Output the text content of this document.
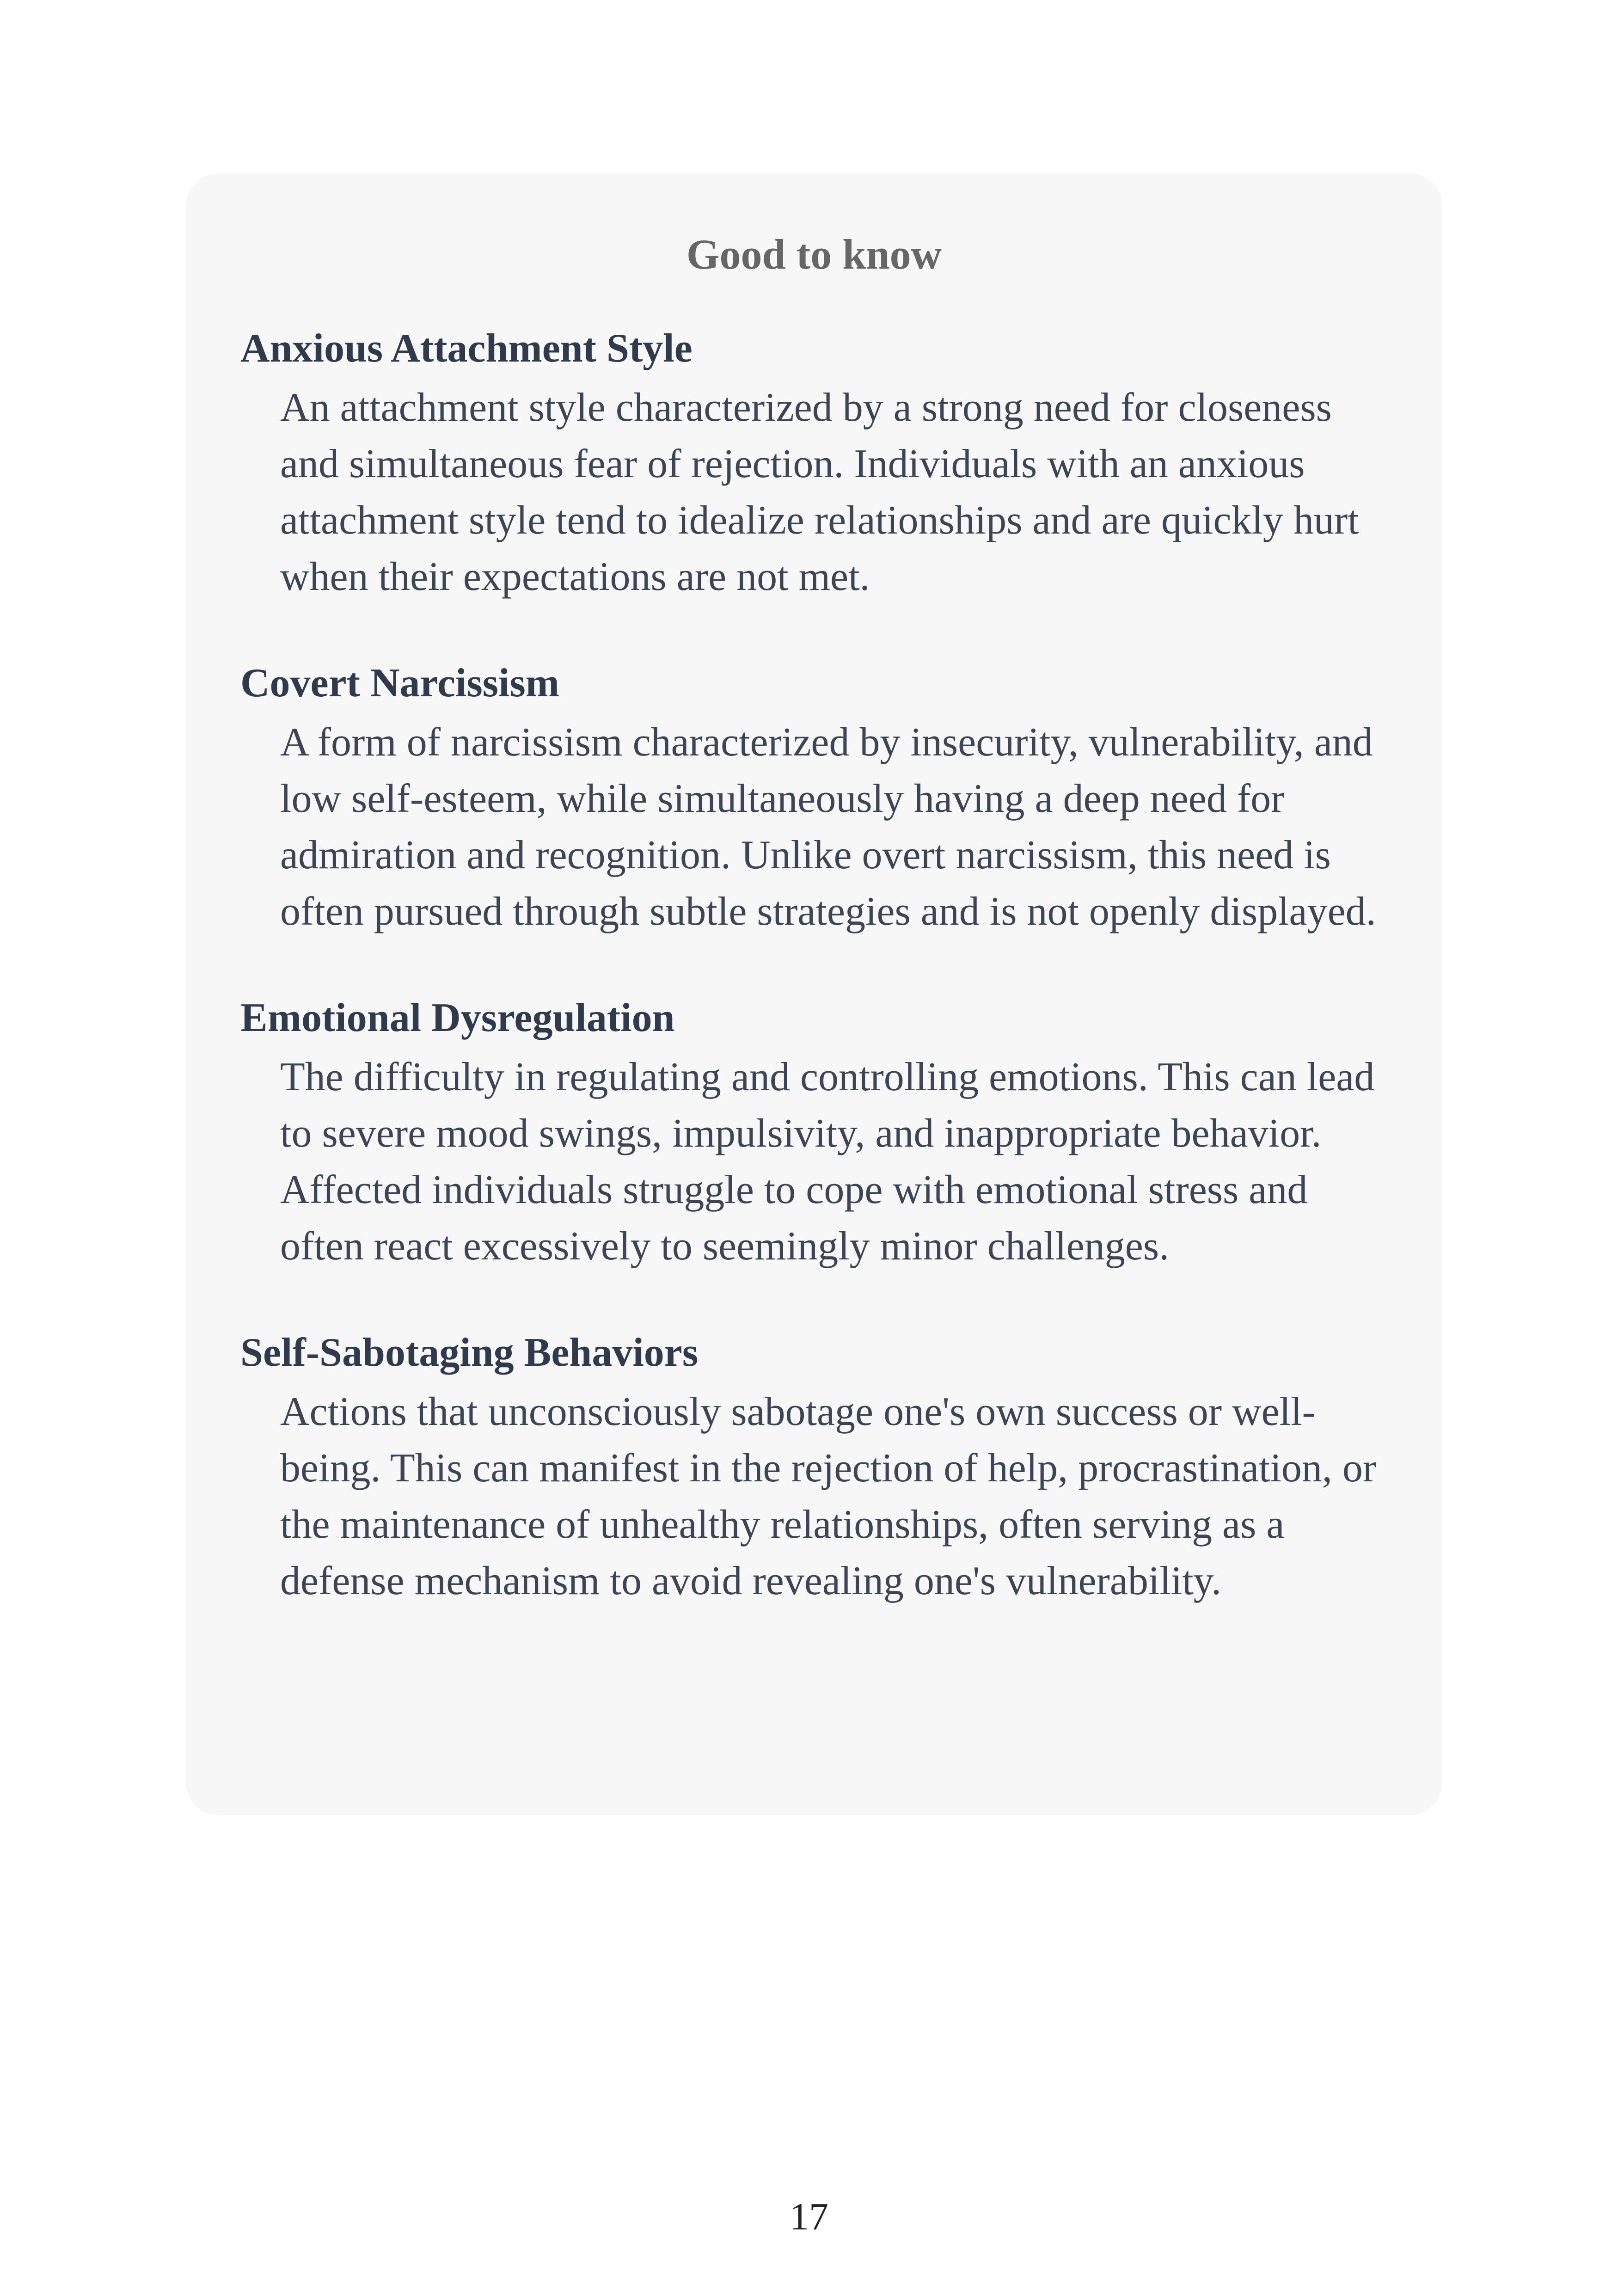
Good to know
Anxious Attachment Style
An attachment style characterized by a strong need for closeness and simultaneous fear of rejection. Individuals with an anxious attachment style tend to idealize relationships and are quickly hurt when their expectations are not met.
Covert Narcissism
A form of narcissism characterized by insecurity, vulnerability, and low self-esteem, while simultaneously having a deep need for admiration and recognition. Unlike overt narcissism, this need is often pursued through subtle strategies and is not openly displayed.
Emotional Dysregulation
The difficulty in regulating and controlling emotions. This can lead to severe mood swings, impulsivity, and inappropriate behavior. Affected individuals struggle to cope with emotional stress and often react excessively to seemingly minor challenges.
Self-Sabotaging Behaviors
Actions that unconsciously sabotage one's own success or well-being. This can manifest in the rejection of help, procrastination, or the maintenance of unhealthy relationships, often serving as a defense mechanism to avoid revealing one's vulnerability.
17
